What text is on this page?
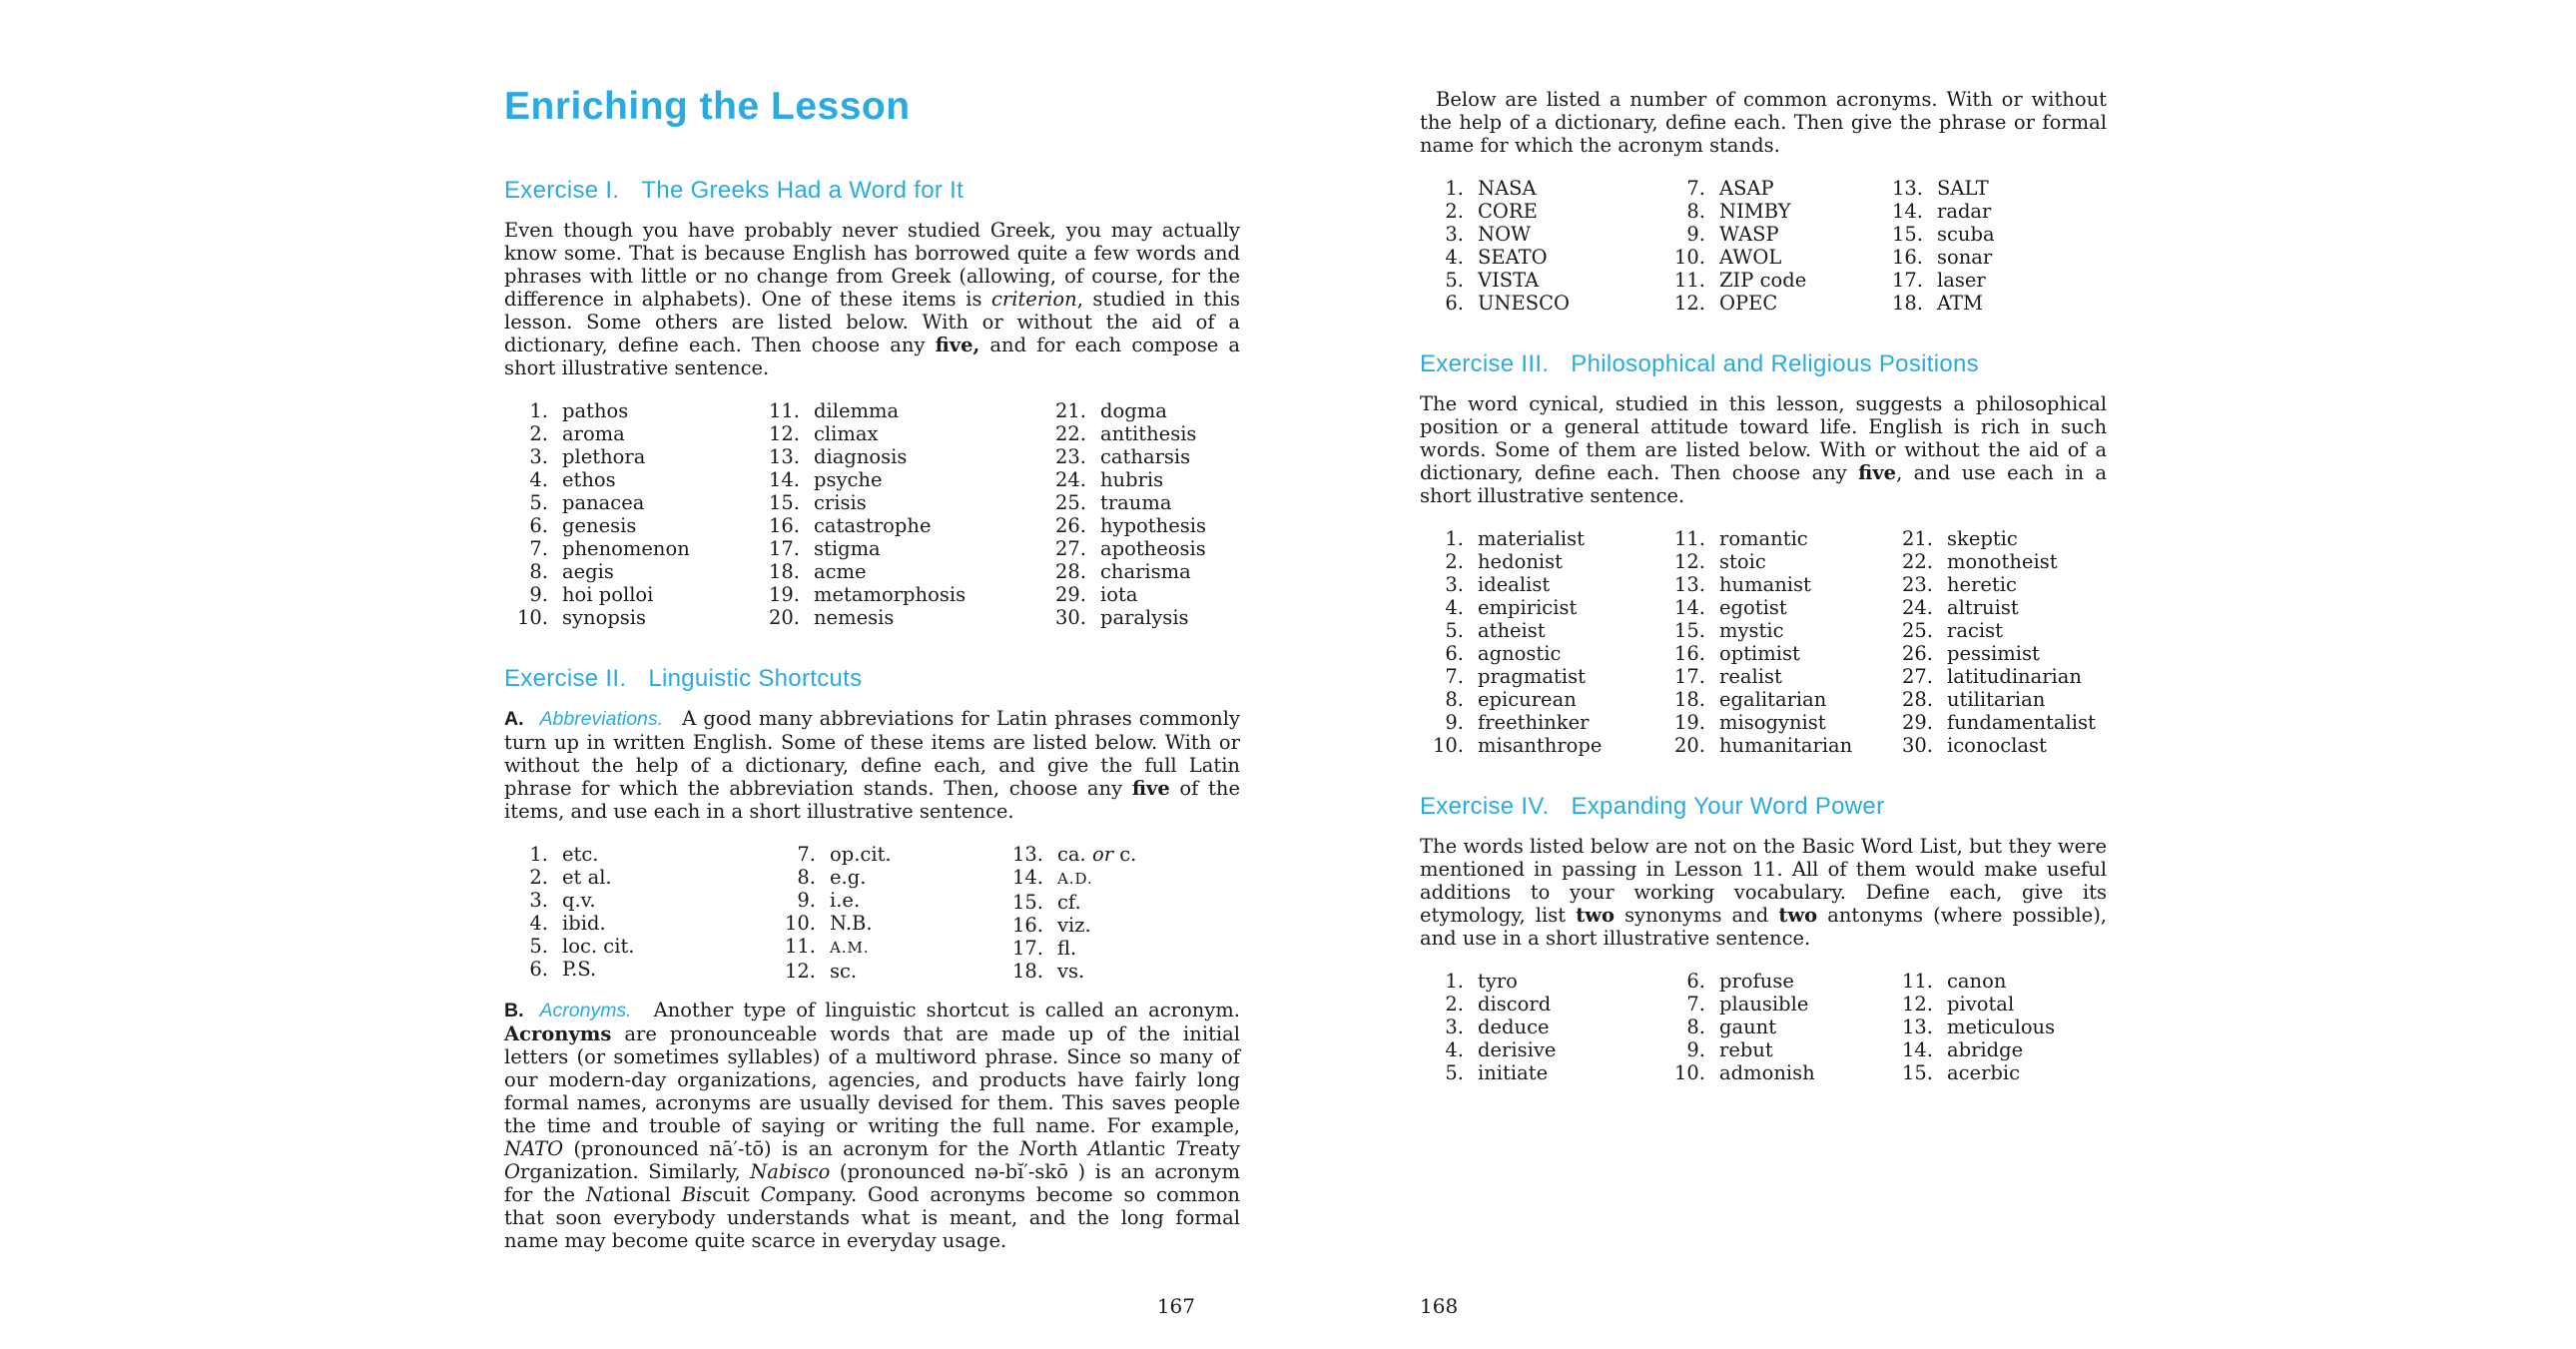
Enriching the Lesson
Exercise I. The Greeks Had a Word for It

Even though you have probably never studied Greek, you may actually know some. That is because English has borrowed quite a few words and phrases with little or no change from Greek (allowing, of course, for the difference in alphabets). One of these items is criterion, studied in this lesson. Some others are listed below. With or without the aid of a dictionary, define each. Then choose any five, and for each compose a short illustrative sentence.

1. pathos
2. aroma
3. plethora
4. ethos
5. panacea
6. genesis
7. phenomenon
8. aegis
9. hoi polloi
10. synopsis
11. dilemma
12. climax
13. diagnosis
14. psyche
15. crisis
16. catastrophe
17. stigma
18. acme
19. metamorphosis
20. nemesis
21. dogma
22. antithesis
23. catharsis
24. hubris
25. trauma
26. hypothesis
27. apotheosis
28. charisma
29. iota
30. paralysis
Exercise II. Linguistic Shortcuts

A. Abbreviations. A good many abbreviations for Latin phrases commonly turn up in written English. Some of these items are listed below. With or without the help of a dictionary, define each, and give the full Latin phrase for which the abbreviation stands. Then, choose any five of the items, and use each in a short illustrative sentence.

1. etc.
2. et al.
3. q.v.
4. ibid.
5. loc. cit.
6. P.S.
7. op.cit.
8. e.g.
9. i.e.
10. N.B.
11. A.M.
12. sc.
13. ca. or c.
14. A.D.
15. cf.
16. viz.
17. fl.
18. vs.

B. Acronyms. Another type of linguistic shortcut is called an acronym. Acronyms are pronounceable words that are made up of the initial letters (or sometimes syllables) of a multiword phrase. Since so many of our modern-day organizations, agencies, and products have fairly long formal names, acronyms are usually devised for them. This saves people the time and trouble of saying or writing the full name. For example, NATO (pronounced nā′-tō) is an acronym for the North Atlantic Treaty Organization. Similarly, Nabisco (pronounced nə-bĭ′-skō ) is an acronym for the National Biscuit Company. Good acronyms become so common that soon everybody understands what is meant, and the long formal name may become quite scarce in everyday usage.

Below are listed a number of common acronyms. With or without the help of a dictionary, define each. Then give the phrase or formal name for which the acronym stands.

1. NASA
2. CORE
3. NOW
4. SEATO
5. VISTA
6. UNESCO
7. ASAP
8. NIMBY
9. WASP
10. AWOL
11. ZIP code
12. OPEC
13. SALT
14. radar
15. scuba
16. sonar
17. laser
18. ATM
Exercise III. Philosophical and Religious Positions

The word cynical, studied in this lesson, suggests a philosophical position or a general attitude toward life. English is rich in such words. Some of them are listed below. With or without the aid of a dictionary, define each. Then choose any five, and use each in a short illustrative sentence.

1. materialist
2. hedonist
3. idealist
4. empiricist
5. atheist
6. agnostic
7. pragmatist
8. epicurean
9. freethinker
10. misanthrope
11. romantic
12. stoic
13. humanist
14. egotist
15. mystic
16. optimist
17. realist
18. egalitarian
19. misogynist
20. humanitarian
21. skeptic
22. monotheist
23. heretic
24. altruist
25. racist
26. pessimist
27. latitudinarian
28. utilitarian
29. fundamentalist
30. iconoclast
Exercise IV. Expanding Your Word Power

The words listed below are not on the Basic Word List, but they were mentioned in passing in Lesson 11. All of them would make useful additions to your working vocabulary. Define each, give its etymology, list two synonyms and two antonyms (where possible), and use in a short illustrative sentence.

1. tyro
2. discord
3. deduce
4. derisive
5. initiate
6. profuse
7. plausible
8. gaunt
9. rebut
10. admonish
11. canon
12. pivotal
13. meticulous
14. abridge
15. acerbic
167	168
